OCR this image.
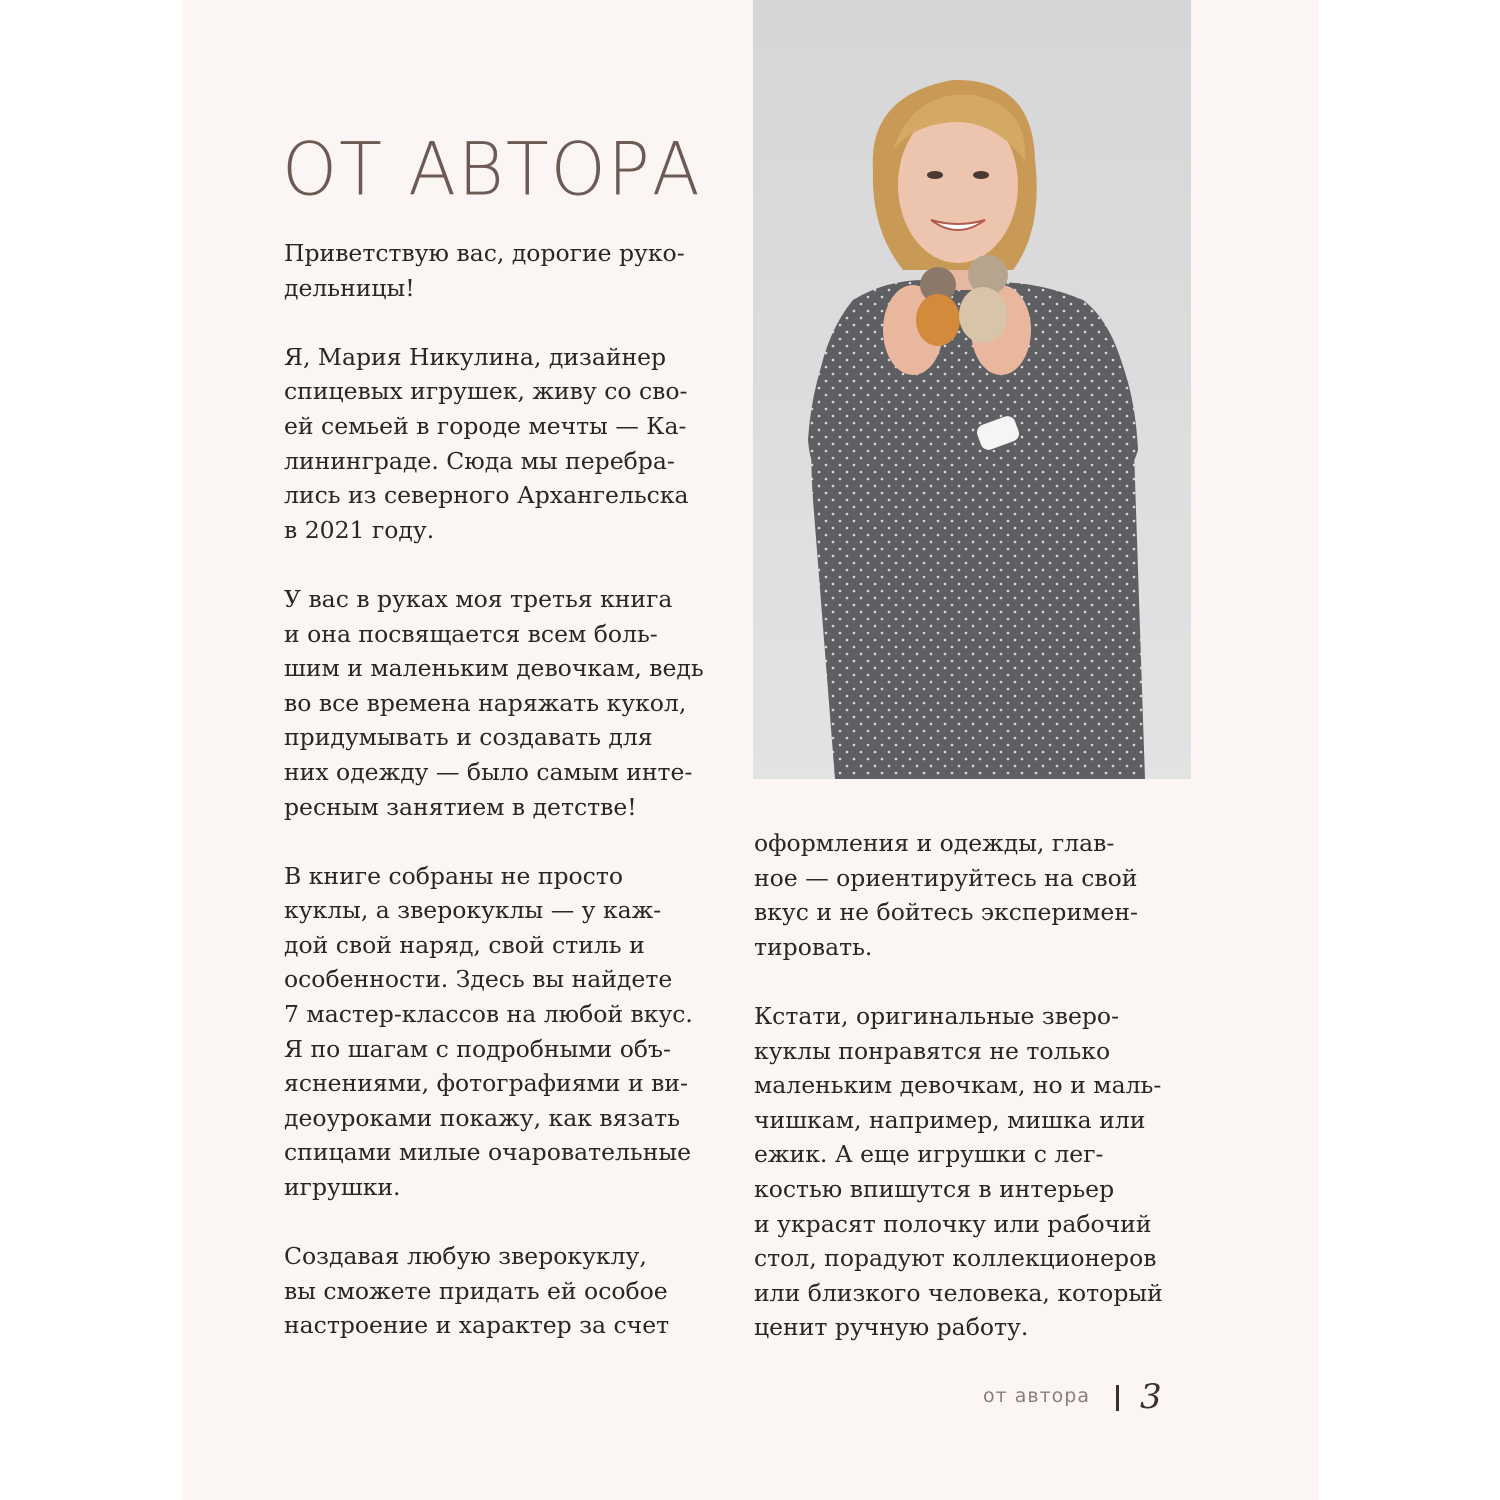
ОТ АВТОРА

Приветствую вас, дорогие руко-
дельницы!

Я, Мария Никулина, дизайнер
спицевых игрушек, живу со сво-
ей семьей в городе мечты — Ка-
лининграде. Сюда мы перебра-
лись из северного Архангельска
в 2021 году.

У вас в руках моя третья книга
и она посвящается всем боль-
шим и маленьким девочкам, ведь
во все времена наряжать кукол,
придумывать и создавать для
них одежду — было самым инте-
ресным занятием в детстве!

В книге собраны не просто
куклы, а зверокуклы — у каж-
дой свой наряд, свой стиль и
особенности. Здесь вы найдете
7 мастер-классов на любой вкус.
Я по шагам с подробными объ-
яснениями, фотографиями и ви-
деоуроками покажу, как вязать
спицами милые очаровательные
игрушки.

Создавая любую зверокуклу,
вы сможете придать ей особое
настроение и характер за счет

оформления и одежды, глав-
ное — ориентируйтесь на свой
вкус и не бойтесь эксперимен-
тировать.

Кстати, оригинальные зверо-
куклы понравятся не только
маленьким девочкам, но и маль-
чишкам, например, мишка или
ежик. А еще игрушки с лег-
костью впишутся в интерьер
и украсят полочку или рабочий
стол, порадуют коллекционеров
или близкого человека, который
ценит ручную работу.

от автора 3
